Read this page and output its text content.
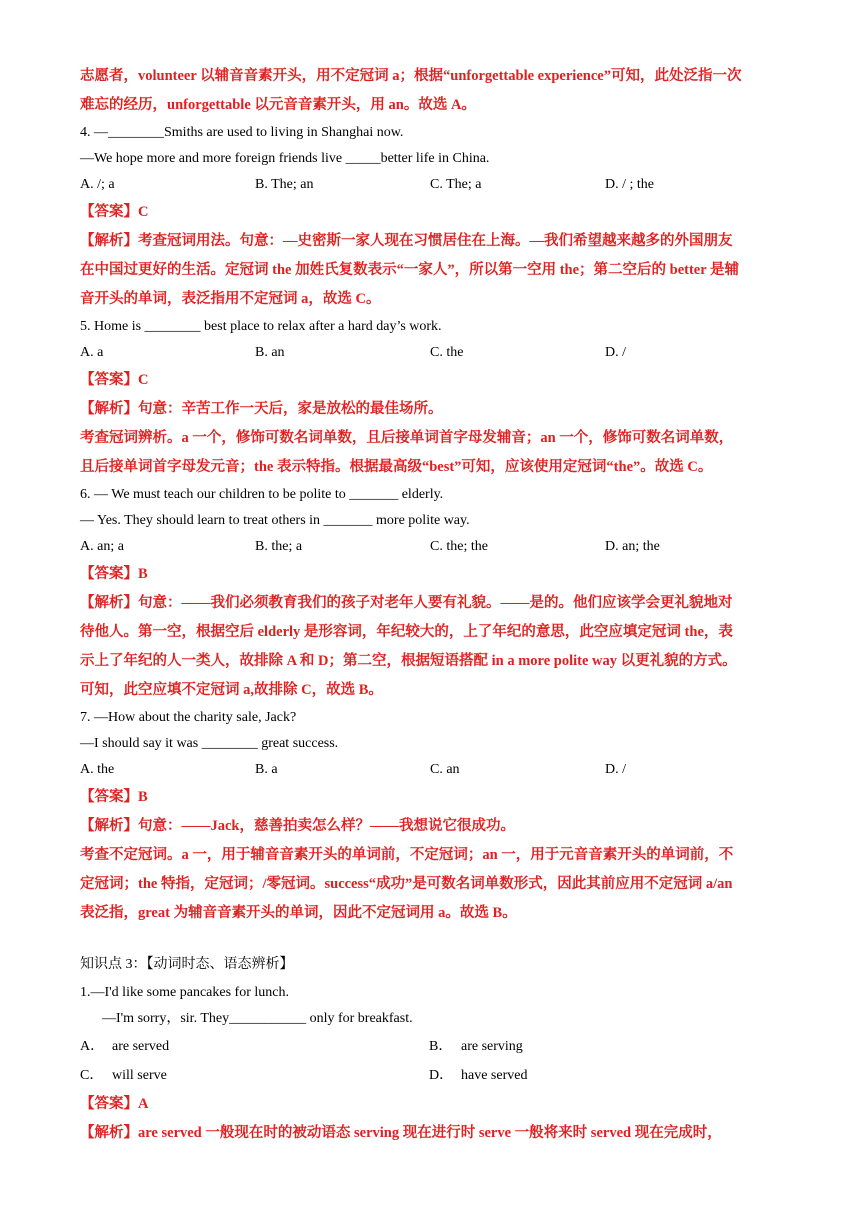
志愿者，volunteer 以辅音音素开头，用不定冠词 a；根据“unforgettable experience”可知，此处泛指一次
难忘的经历，unforgettable 以元音音素开头，用 an。故选 A。
4. —________Smiths are used to living in Shanghai now.
—We hope more and more foreign friends live _____better life in China.
A. /; a	B. The; an	C. The; a	D. / ; the
【答案】C
【解析】考查冠词用法。句意：—史密斯一家人现在习惯居住在上海。—我们希望越来越多的外国朋友
在中国过更好的生活。定冠词 the 加姓氏复数表示“一家人”，所以第一空用 the；第二空后的 better 是辅
音开头的单词，表泛指用不定冠词 a，故选 C。
5. Home is ________ best place to relax after a hard day’s work.
A. a	B. an	C. the	D. /
【答案】C
【解析】句意：辛苦工作一天后，家是放松的最佳场所。
考查冠词辨析。a 一个，修饰可数名词单数，且后接单词首字母发辅音；an 一个，修饰可数名词单数，
且后接单词首字母发元音；the 表示特指。根据最高级“best”可知，应该使用定冠词“the”。故选 C。
6. — We must teach our children to be polite to _______ elderly.
— Yes. They should learn to treat others in _______ more polite way.
A. an; a	B. the; a	C. the; the	D. an; the
【答案】B
【解析】句意：——我们必须教育我们的孩子对老年人要有礼貌。——是的。他们应该学会更礼貌地对
待他人。第一空，根据空后 elderly 是形容词，年纪较大的，上了年纪的意思，此空应填定冠词 the，表
示上了年纪的人一类人，故排除 A 和 D；第二空，根据短语搭配 in a more polite way 以更礼貌的方式。
可知，此空应填不定冠词 a,故排除 C，故选 B。
7. —How about the charity sale, Jack?
—I should say it was ________ great success.
A. the	B. a	C. an	D. /
【答案】B
【解析】句意：——Jack，慈善拍卖怎么样？——我想说它很成功。
考查不定冠词。a 一，用于辅音音素开头的单词前，不定冠词；an 一，用于元音音素开头的单词前，不
定冠词；the 特指，定冠词；/零冠词。success“成功”是可数名词单数形式，因此其前应用不定冠词 a/an
表泛指，great 为辅音音素开头的单词，因此不定冠词用 a。故选 B。
知识点 3：【动词时态、语态辨析】
1.—I'd like some pancakes for lunch.
—I'm sorry，sir. They___________ only for breakfast.
A． are served	B． are serving
C． will serve	D． have served
【答案】A
【解析】are served 一般现在时的被动语态 serving 现在进行时 serve 一般将来时 served 现在完成时，
